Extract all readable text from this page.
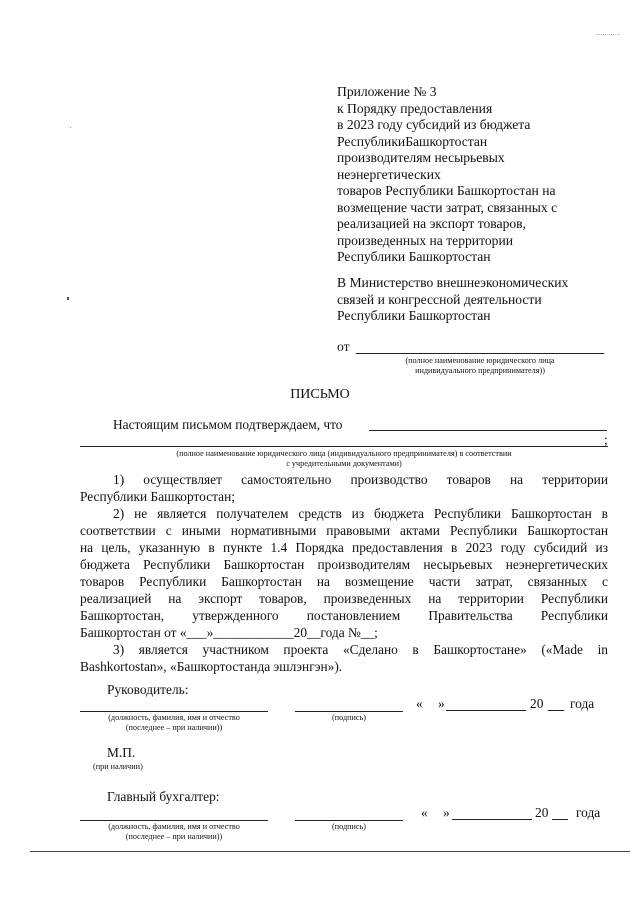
Приложение № 3
к Порядку предоставления
в 2023 году субсидий из бюджета
РеспубликиБашкортостан
производителям несырьевых
неэнергетических
товаров Республики Башкортостан на
возмещение части затрат, связанных с
реализацией на экспорт товаров,
произведенных на территории
Республики Башкортостан
В Министерство внешнеэкономических
связей и конгрессной деятельности
Республики Башкортостан
от
(полное наименование юридического лица
индивидуального предпринимателя))
ПИСЬМО
Настоящим письмом подтверждаем, что
;
(полное наименование юридического лица (индивидуального предпринимателя) в соответствии
с учредительными документами)
1) осуществляет самостоятельно производство товаров на территории
Республики Башкортостан;
2) не является получателем средств из бюджета Республики Башкортостан в
соответствии с иными нормативными правовыми актами Республики Башкортостан
на цель, указанную в пункте 1.4 Порядка предоставления в 2023 году субсидий из
бюджета Республики Башкортостан производителям несырьевых неэнергетических
товаров Республики Башкортостан на возмещение части затрат, связанных с
реализацией на экспорт товаров, произведенных на территории Республики
Башкортостан, утвержденного постановлением Правительства Республики
Башкортостан от «___»____________20__года №__;
3) является участником проекта «Сделано в Башкортостане» («Made in
Bashkortostan», «Башкортостанда эшлэнгэн»).
Руководитель:
(должность, фамилия, имя и отчество
(последнее – при наличии))
(подпись)
« »	20 года
М.П.
(при наличии)
Главный бухгалтер:
(должность, фамилия, имя и отчество
(последнее – при наличии))
(подпись)
« »	20 года
